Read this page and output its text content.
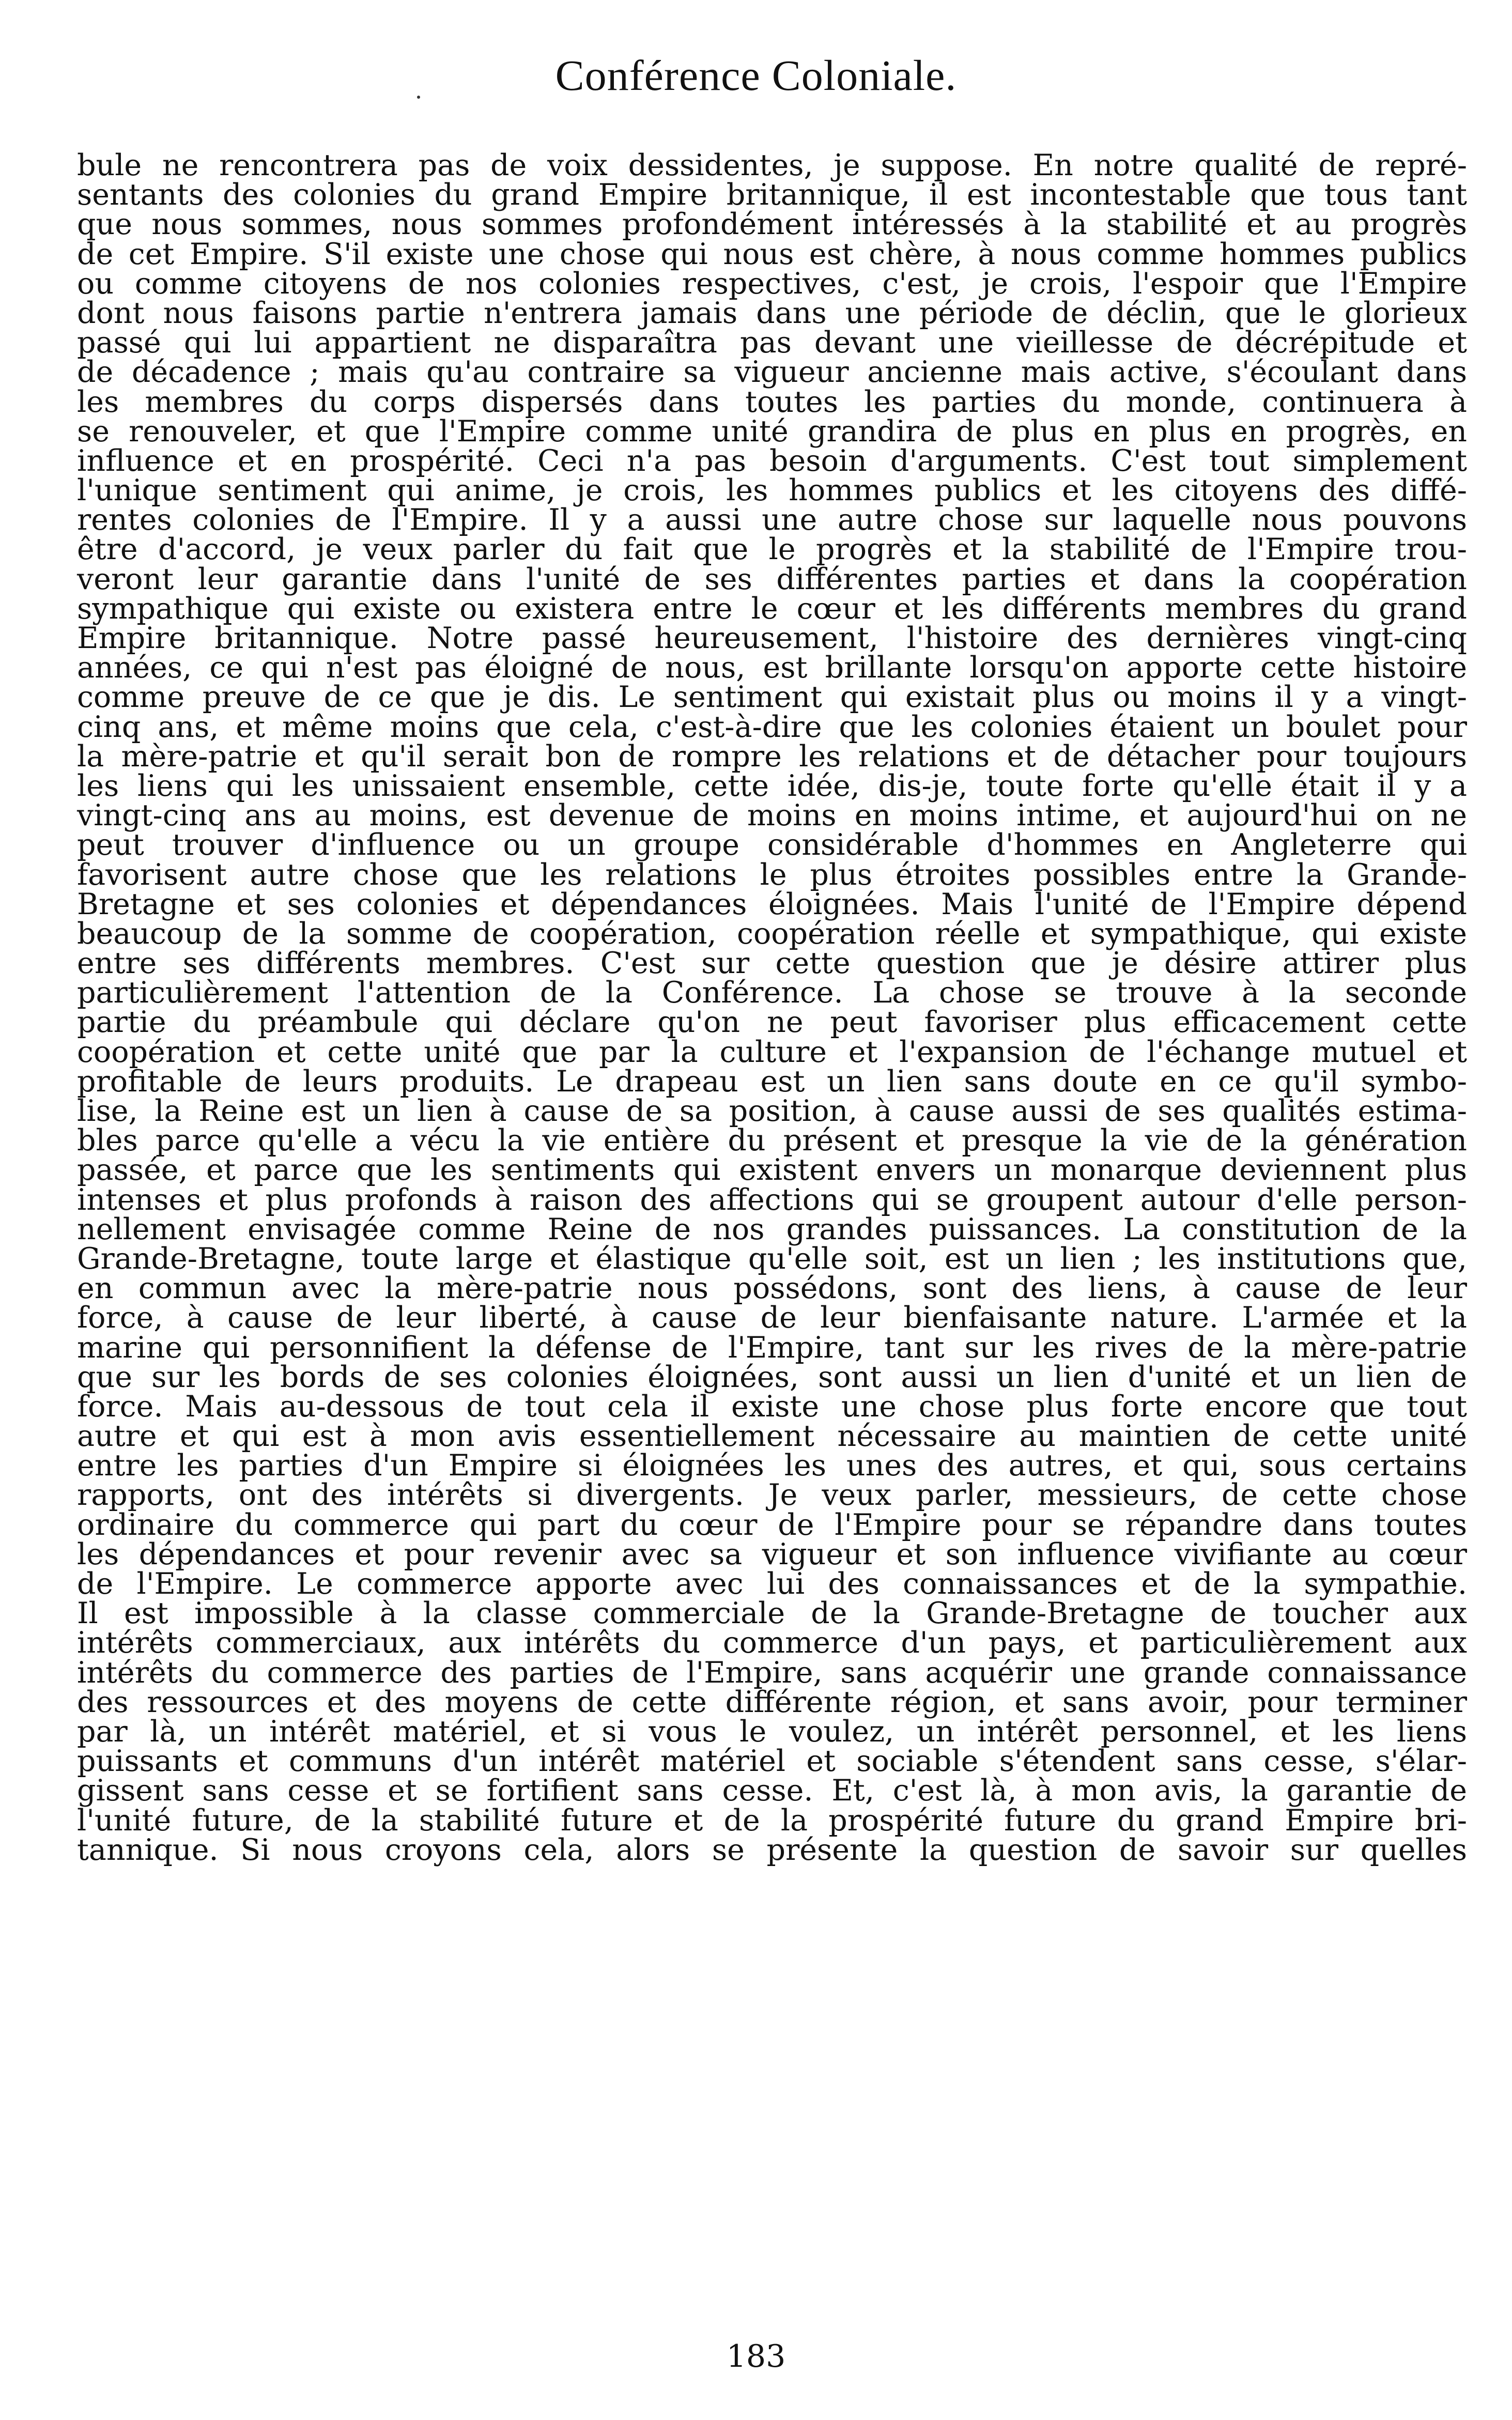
Conférence Coloniale.
bule ne rencontrera pas de voix dessidentes, je suppose. En notre qualité de repré-
sentants des colonies du grand Empire britannique, il est incontestable que tous tant
que nous sommes, nous sommes profondément intéressés à la stabilité et au progrès
de cet Empire. S'il existe une chose qui nous est chère, à nous comme hommes publics
ou comme citoyens de nos colonies respectives, c'est, je crois, l'espoir que l'Empire
dont nous faisons partie n'entrera jamais dans une période de déclin, que le glorieux
passé qui lui appartient ne disparaîtra pas devant une vieillesse de décrépitude et
de décadence ; mais qu'au contraire sa vigueur ancienne mais active, s'écoulant dans
les membres du corps dispersés dans toutes les parties du monde, continuera à
se renouveler, et que l'Empire comme unité grandira de plus en plus en progrès, en
influence et en prospérité. Ceci n'a pas besoin d'arguments. C'est tout simplement
l'unique sentiment qui anime, je crois, les hommes publics et les citoyens des diffé-
rentes colonies de l'Empire. Il y a aussi une autre chose sur laquelle nous pouvons
être d'accord, je veux parler du fait que le progrès et la stabilité de l'Empire trou-
veront leur garantie dans l'unité de ses différentes parties et dans la coopération
sympathique qui existe ou existera entre le cœur et les différents membres du grand
Empire britannique. Notre passé heureusement, l'histoire des dernières vingt-cinq
années, ce qui n'est pas éloigné de nous, est brillante lorsqu'on apporte cette histoire
comme preuve de ce que je dis. Le sentiment qui existait plus ou moins il y a vingt-
cinq ans, et même moins que cela, c'est-à-dire que les colonies étaient un boulet pour
la mère-patrie et qu'il serait bon de rompre les relations et de détacher pour toujours
les liens qui les unissaient ensemble, cette idée, dis-je, toute forte qu'elle était il y a
vingt-cinq ans au moins, est devenue de moins en moins intime, et aujourd'hui on ne
peut trouver d'influence ou un groupe considérable d'hommes en Angleterre qui
favorisent autre chose que les relations le plus étroites possibles entre la Grande-
Bretagne et ses colonies et dépendances éloignées. Mais l'unité de l'Empire dépend
beaucoup de la somme de coopération, coopération réelle et sympathique, qui existe
entre ses différents membres. C'est sur cette question que je désire attirer plus
particulièrement l'attention de la Conférence. La chose se trouve à la seconde
partie du préambule qui déclare qu'on ne peut favoriser plus efficacement cette
coopération et cette unité que par la culture et l'expansion de l'échange mutuel et
profitable de leurs produits. Le drapeau est un lien sans doute en ce qu'il symbo-
lise, la Reine est un lien à cause de sa position, à cause aussi de ses qualités estima-
bles parce qu'elle a vécu la vie entière du présent et presque la vie de la génération
passée, et parce que les sentiments qui existent envers un monarque deviennent plus
intenses et plus profonds à raison des affections qui se groupent autour d'elle person-
nellement envisagée comme Reine de nos grandes puissances. La constitution de la
Grande-Bretagne, toute large et élastique qu'elle soit, est un lien ; les institutions que,
en commun avec la mère-patrie nous possédons, sont des liens, à cause de leur
force, à cause de leur liberté, à cause de leur bienfaisante nature. L'armée et la
marine qui personnifient la défense de l'Empire, tant sur les rives de la mère-patrie
que sur les bords de ses colonies éloignées, sont aussi un lien d'unité et un lien de
force. Mais au-dessous de tout cela il existe une chose plus forte encore que tout
autre et qui est à mon avis essentiellement nécessaire au maintien de cette unité
entre les parties d'un Empire si éloignées les unes des autres, et qui, sous certains
rapports, ont des intérêts si divergents. Je veux parler, messieurs, de cette chose
ordinaire du commerce qui part du cœur de l'Empire pour se répandre dans toutes
les dépendances et pour revenir avec sa vigueur et son influence vivifiante au cœur
de l'Empire. Le commerce apporte avec lui des connaissances et de la sympathie.
Il est impossible à la classe commerciale de la Grande-Bretagne de toucher aux
intérêts commerciaux, aux intérêts du commerce d'un pays, et particulièrement aux
intérêts du commerce des parties de l'Empire, sans acquérir une grande connaissance
des ressources et des moyens de cette différente région, et sans avoir, pour terminer
par là, un intérêt matériel, et si vous le voulez, un intérêt personnel, et les liens
puissants et communs d'un intérêt matériel et sociable s'étendent sans cesse, s'élar-
gissent sans cesse et se fortifient sans cesse. Et, c'est là, à mon avis, la garantie de
l'unité future, de la stabilité future et de la prospérité future du grand Empire bri-
tannique. Si nous croyons cela, alors se présente la question de savoir sur quelles
183
